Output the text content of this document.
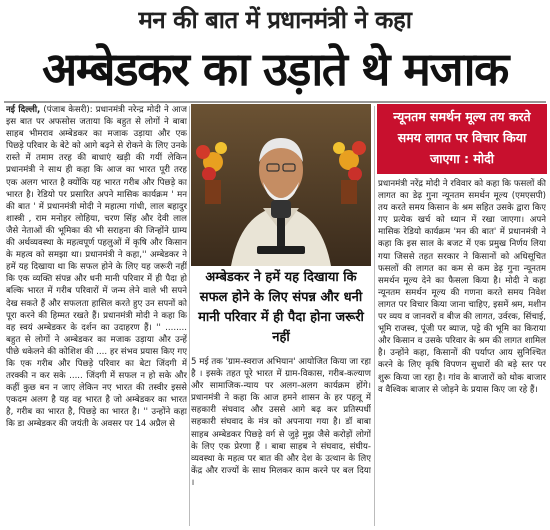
मन की बात में प्रधानमंत्री ने कहा
अम्बेडकर का उड़ाते थे मजाक
नई दिल्ली, (पंजाब केसरी): प्रधानमंत्री नरेन्द्र मोदी ने आज इस बात पर अफसोस जताया कि बहुत से लोगों ने बाबा साहब भीमराव अम्बेडकर का मजाक उड़ाया और एक पिछड़े परिवार के बेटे को आगे बढ़ने से रोकने के लिए उनके रास्ते में तमाम तरह की बाधाएं खड़ी की गयीं लेकिन प्रधानमंत्री ने साथ ही कहा कि आज का भारत पूरी तरह एक अलग भारत है क्योंकि यह भारत गरीब और पिछड़े का भारत है। रेडियो पर प्रसारित अपने मासिक कार्यक्रम ' मन की बात ' में प्रधानमंत्री मोदी ने महात्मा गांधी, लाल बहादुर शास्त्री , राम मनोहर लोहिया, चरण सिंह और देवी लाल जैसे नेताओं की भूमिका की भी सराहना की जिन्होंने ग्राम्य की अर्थव्यवस्था के महत्वपूर्ण पहलुओं में कृषि और किसान के महत्व को समझा था। प्रधानमंत्री ने कहा,'' अम्बेडकर ने हमें यह दिखाया था कि सफल होने के लिए यह जरूरी नहीं कि एक व्यक्ति संपन्न और धनी मानी परिवार में ही पैदा हो बल्कि भारत में गरीब परिवारों में जन्म लेने वाले भी सपने देख सकते हैं और सफलता हासिल करते हुए उन सपनों को पूरा करने की हिम्मत रखते हैं। प्रधानमंत्री मोदी ने कहा कि वह स्वयं अम्बेडकर के दर्शन का उदाहरण हैं। '' ........ बहुत से लोगों ने अम्बेडकर का मजाक उड़ाया और उन्हें पीछे धकेलने की कोशिश की .... हर संभव प्रयास किए गए कि एक गरीब और पिछड़े परिवार का बेटा जिंदगी में तरक्की न कर सके ..... जिंदगी में सफल न हो सके और कहीं कुछ बन न जाए लेकिन नए भारत की तस्वीर इससे एकदम अलग है यह वह भारत है जो अम्बेडकर का भारत है, गरीब का भारत है, पिछड़े का भारत है। '' उन्होंने कहा कि डा अम्बेडकर की जयंती के अवसर पर 14 अप्रैल से
अम्बेडकर ने हमें यह दिखाया कि सफल होने के लिए संपन्न और धनी मानी परिवार में ही पैदा होना जरूरी नहीं
5 मई तक 'ग्राम-स्वराज अभियान' आयोजित किया जा रहा है । इसके तहत पूरे भारत में ग्राम-विकास, गरीब-कल्याण और सामाजिक-न्याय पर अलग-अलग कार्यक्रम होंगे। प्रधानमंत्री ने कहा कि आज हमने शासन के हर पहलू में सहकारी संघवाद और उससे आगे बढ़ कर प्रतिस्पर्धी सहकारी संघवाद के मंत्र को अपनाया गया है। डॉ बाबा साहब अम्बेडकर पिछड़े वर्ग से जुड़े मुझ जैसे करोड़ों लोगों के लिए एक प्रेरणा हैं । बाबा साहब ने संघवाद, संघीय-व्यवस्था के महत्व पर बात की और देश के उत्थान के लिए केंद्र और राज्यों के साथ मिलकर काम करने पर बल दिया ।
न्यूनतम समर्थन मूल्य तय करते समय लागत पर विचार किया जाएगा : मोदी
प्रधानमंत्री नरेंद्र मोदी ने रविवार को कहा कि फसलों की लागत का डेढ़ गुना न्यूनतम समर्थन मूल्य (एमएसपी) तय करते समय किसान के श्रम सहित उसके द्वारा किए गए प्रत्येक खर्च को ध्यान में रखा जाएगा। अपने मासिक रेडियो कार्यक्रम 'मन की बात' में प्रधानमंत्री ने कहा कि इस साल के बजट में एक प्रमुख निर्णय लिया गया जिससे तहत सरकार ने किसानों को अधिसूचित फसलों की लागत का कम से कम डेढ़ गुना न्यूनतम समर्थन मूल्य देने का फैसला किया है। मोदी ने कहा न्यूनतम समर्थन मूल्य की गणना करते समय निवेश लागत पर विचार किया जाना चाहिए, इसमें श्रम, मशीन पर व्यय व जानवरों व बीज की लागत, उर्वरक, सिंचाई, भूमि राजस्व, पूंजी पर ब्याज, पट्टे की भूमि का किराया और किसान व उसके परिवार के श्रम की लागत शामिल है। उन्होंने कहा, किसानों की पर्याप्त आय सुनिश्चित करने के लिए कृषि विपणन सुधारों की बड़े स्तर पर शुरू किया जा रहा है। गांव के बाजारों को थोक बाजार व वैश्विक बाजार से जोड़ने के प्रयास किए जा रहे हैं।
